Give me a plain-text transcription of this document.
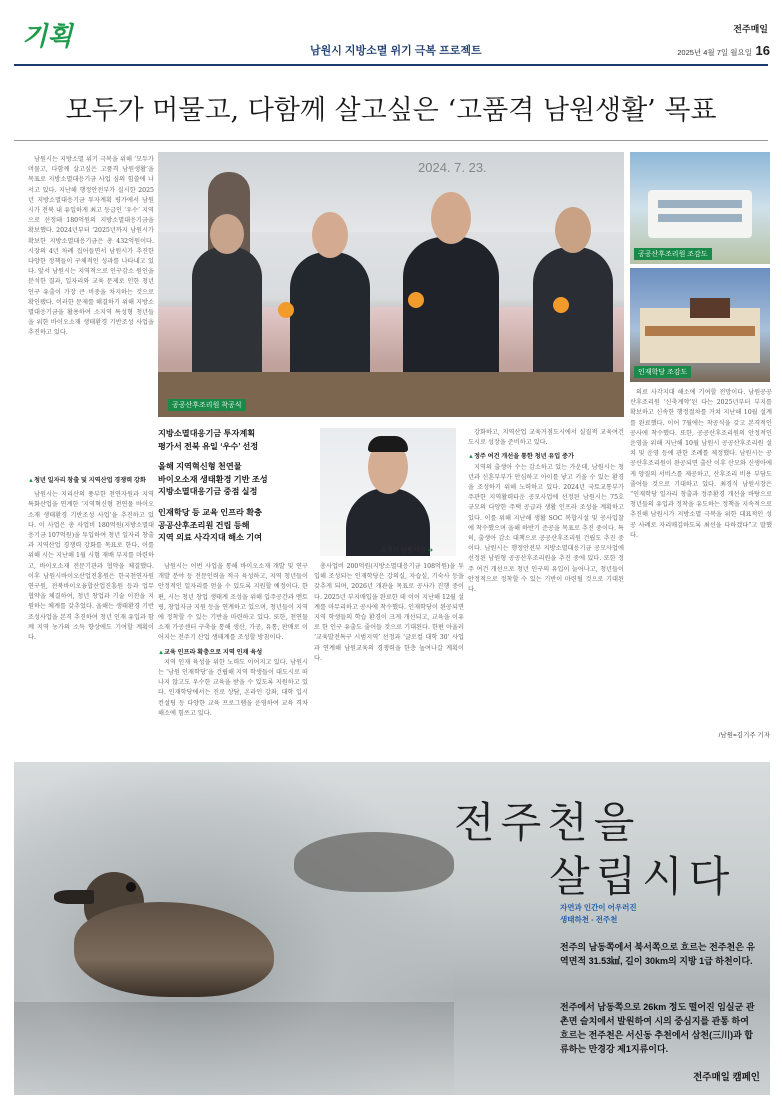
기획	남원시 지방소멸 위기 극복 프로젝트
전주매일
2025년 4월 7일 월요일 16
모두가 머물고, 다함께 살고싶은 ‘고품격 남원생활’ 목표

남원시는 지방소멸 위기 극복을 위해 ‘모두가 머물고, 다함께 살고싶은 고품격 남원생활’을 목표로 지방소멸대응기금 사업 심의 힘쓸에 나서고 있다. 지난해 행정안전부가 실시한 2025년 지방소멸대응기금 투자계획 평가에서 남원시가 전북 내 유일하게 최고 등급인 ‘우수’ 지역으로 선정돼 180억원의 지방소멸대응기금을 확보했다. 2024년부터 ‘2025년까지 남원시가 확보한 지방소멸대응기금은 총 432억원이다. 시장의 4년 차례 집어들면서 남원시가 추진한 다양한 정책들이 구체적인 성과를 나타내고 있다. 앞서 남원시는 지역적으로 인구감소 원인을 분석한 결과, 일자리와 교육 문제로 인한 청년인구 유출이 가장 큰 비중을 차지하는 것으로 확인됐다. 이러한 문제를 해결하기 위해 지방소멸대응기금을 활용하여 소지역 특성형 청년들을 위한 바이오소재 생태환경 기반조성 사업을 추진하고 있다.

2024. 7. 23.
공공산후조리원 착공식
공공산후조리원 조감도
인재학당 조감도
지방소멸대응기금 투자계획
평가서 전북 유일 ‘우수’ 선정
올해 지역혁신형 천연물
바이오소재 생태환경 기반 조성
지방소멸대응기금 중점 실정
인재학당 등 교육 인프라 확충
공공산후조리원 건립 등해
지역 의료 사각지대 해소 기여
최경식 남원시장 ➜
▲ 청년 일자리 창출 및 지역산업 경쟁력 강화

남원시는 지리산의 풍부한 천연자원과 지역 특화산업을 연계한 ‘지역혁신형 천연물 바이오소재 생태환경 기반조성 사업’을 추진하고 있다. 이 사업은 총 사업비 180억원(지방소멸대응기금 107억원)을 투입하여 청년 일자리 창출과 지역산업 경쟁력 강화를 목표로 한다. 이를 위해 시는 지난해 1월 시험 재배 부지를 마련하고, 바이오소재 전문기관과 협약을 체결했다. 이후 남원시바이오산업진흥원은 한국천연자원연구원, 전북바이오융합산업진흥원 등과 업무협약을 체결하여, 청년 창업과 기술 이전을 지원하는 체계를 갖추었다. 올해는 생태환경 기반 조성사업을 본격 추진하여 청년 인재 유입과 함께 지역 농가의 소득 향상에도 기여할 계획이다.

남원시는 이번 사업을 통해 바이오소재 개발 및 연구개발 분야 등 전문인력을 적극 육성하고, 지역 청년들이 안정적인 일자리를 얻을 수 있도록 지원할 예정이다. 한편, 시는 청년 창업 생태계 조성을 위해 입주공간과 멘토링, 창업자금 지원 등을 연계하고 있으며, 청년들이 지역에 정착할 수 있는 기반을 마련하고 있다. 또한, 천연물 소재 가공센터 구축을 통해 생산, 가공, 유통, 판매로 이어지는 전주기 산업 생태계를 조성할 방침이다.

▲ 교육 인프라 확충으로 지역 인재 육성

지역 인재 육성을 위한 노력도 이어지고 있다. 남원시는 ‘남원 인재학당’을 건립해 지역 학생들이 대도시로 떠나지 않고도 우수한 교육을 받을 수 있도록 지원하고 있다. 인재학당에서는 진로 상담, 온라인 강좌, 대학 입시 컨설팅 등 다양한 교육 프로그램을 운영하여 교육 격차 해소에 힘쓰고 있다.

총사업비 200억원(지방소멸대응기금 108억원)을 투입해 조성되는 인재학당은 강의실, 자습실, 기숙사 등을 갖추게 되며, 2026년 개관을 목표로 공사가 진행 중이다. 2025년 부지매입을 완료한 데 이어 지난해 12월 설계를 마무리하고 공사에 착수했다. 인재학당이 완공되면 지역 학생들의 학습 환경이 크게 개선되고, 교육을 이유로 한 인구 유출도 줄어들 것으로 기대된다. 한편 아울러 ‘교육발전특구 시범지역’ 선정과 ‘글로컬 대학 30’ 사업과 연계해 남원교육의 경쟁력을 한층 높여나갈 계획이다.

강화하고, 지역산업 교육거점도시에서 실질적 교육여건도시로 성장을 준비하고 있다.

▲ 정주 여건 개선을 통한 청년 유입 증가

지역의 출생아 수는 감소하고 있는 가운데, 남원시는 청년과 신혼부부가 안심하고 아이를 낳고 키울 수 있는 환경을 조성하기 위해 노력하고 있다. 2024년 국토교통부가 주관한 지역활력타운 공모사업에 선정된 남원시는 75호 규모의 다양한 주택 공급과 생활 인프라 조성을 계획하고 있다. 이를 위해 지난해 생활 SOC 복합시설 및 공사입찰에 착수했으며 올해 하반기 준공을 목표로 추진 중이다. 특히, 출생아 감소 대책으로 공공산후조리원 건립도 추진 중이다. 남원시는 행정안전부 지방소멸대응기금 공모사업에 선정된 남원형 공공산후조리원을 추진 중에 있다. 또한 정주 여건 개선으로 청년 인구의 유입이 늘어나고, 청년들이 안정적으로 정착할 수 있는 기반이 마련될 것으로 기대된다.

의료 사각지대 해소에 기여할 전망이다. 남원공공산후조리원 ‘신축계약’된 다는 2025년부터 부지를 확보하고 신속한 행정절차를 거쳐 지난해 10월 설계를 완료했다. 이어 7월에는 착공식을 갖고 본격적인 공사에 착수했다. 또한, 공공산후조리원의 안정적인 운영을 위해 지난해 10월 남원시 공공산후조리원 설치 및 운영 등에 관한 조례를 제정했다. 남원시는 공공산후조리원이 완공되면 출산 이후 산모와 신생아에게 양질의 서비스를 제공하고, 산후조리 비용 부담도 줄어들 것으로 기대하고 있다. 최경식 남원시장은 “인재학당 일자리 창출과 정주환경 개선을 바탕으로 청년들의 유입과 정착을 유도하는 정책을 지속적으로 추진해 남원시가 지방소멸 극복을 위한 대표적인 성공 사례로 자리매김하도록 최선을 다하겠다”고 말했다.

/남원=김기주 기자
전주천을
살립시다
자연과 인간이 어우러진
생태하천 - 전주천
전주의 남동쪽에서 북서쪽으로 흐르는 전주천은 유역면적 31.53㎢, 길이 30km의 지방 1급 하천이다.
전주에서 남동쪽으로 26km 정도 떨어진 임실군 관촌면 슬치에서 발원하여 시의 중심지를 관통 하여 흐르는 전주천은 서신동 추천에서 삼천(三川)과 합류하는 만경강 제1지류이다.
전주매일 캠페인
